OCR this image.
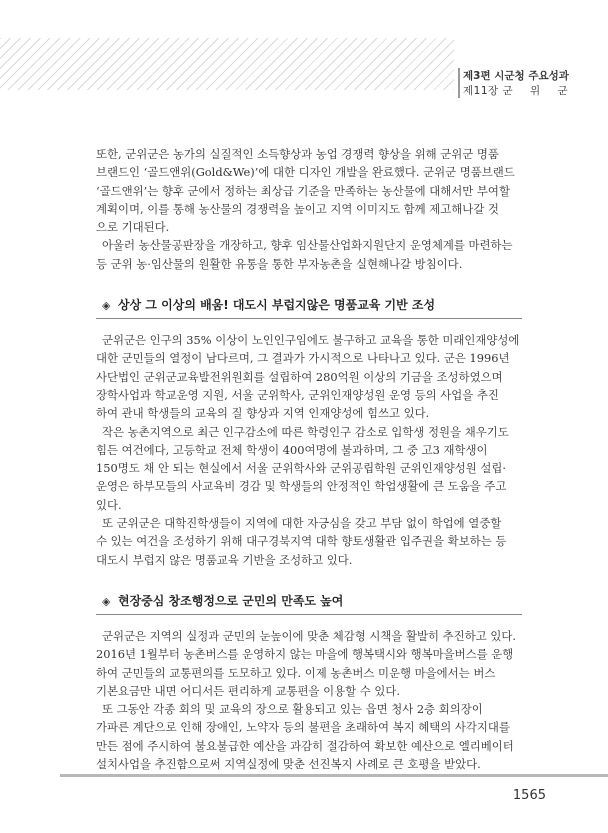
제3편 시군청 주요성과
제11장 군 위 군
또한, 군위군은 농가의 실질적인 소득향상과 농업 경쟁력 향상을 위해 군위군 명품
브랜드인 ‘골드앤위(Gold&We)’에 대한 디자인 개발을 완료했다. 군위군 명품브랜드
‘골드앤위’는 향후 군에서 정하는 최상급 기준을 만족하는 농산물에 대해서만 부여할
계획이며, 이를 통해 농산물의 경쟁력을 높이고 지역 이미지도 함께 제고해나갈 것
으로 기대된다.
아울러 농산물공판장을 개장하고, 향후 임산물산업화지원단지 운영체계를 마련하는
등 군위 농·임산물의 원활한 유통을 통한 부자농촌을 실현해나갈 방침이다.
◈ 상상 그 이상의 배움! 대도시 부럽지않은 명품교육 기반 조성
군위군은 인구의 35% 이상이 노인인구임에도 불구하고 교육을 통한 미래인재양성에
대한 군민들의 열정이 남다르며, 그 결과가 가시적으로 나타나고 있다. 군은 1996년
사단법인 군위군교육발전위원회를 설립하여 280억원 이상의 기금을 조성하였으며
장학사업과 학교운영 지원, 서울 군위학사, 군위인재양성원 운영 등의 사업을 추진
하여 관내 학생들의 교육의 질 향상과 지역 인재양성에 힘쓰고 있다.
작은 농촌지역으로 최근 인구감소에 따른 학령인구 감소로 입학생 정원을 채우기도
힘든 여건에다, 고등학교 전체 학생이 400여명에 불과하며, 그 중 고3 재학생이
150명도 채 안 되는 현실에서 서울 군위학사와 군위공립학원 군위인재양성원 설립·
운영은 하부모들의 사교육비 경감 및 학생들의 안정적인 학업생활에 큰 도움을 주고
있다.
또 군위군은 대학진학생들이 지역에 대한 자긍심을 갖고 부담 없이 학업에 열중할
수 있는 여건을 조성하기 위해 대구경북지역 대학 향토생활관 입주권을 확보하는 등
대도시 부럽지 않은 명품교육 기반을 조성하고 있다.
◈ 현장중심 창조행정으로 군민의 만족도 높여
군위군은 지역의 실정과 군민의 눈높이에 맞춘 체감형 시책을 활발히 추진하고 있다.
2016년 1월부터 농촌버스를 운영하지 않는 마을에 행복택시와 행복마을버스를 운행
하여 군민들의 교통편의를 도모하고 있다. 이제 농촌버스 미운행 마을에서는 버스
기본요금만 내면 어디서든 편리하게 교통편을 이용할 수 있다.
또 그동안 각종 회의 및 교육의 장으로 활용되고 있는 읍면 청사 2층 회의장이
가파른 계단으로 인해 장애인, 노약자 등의 불편을 초래하여 복지 혜택의 사각지대를
만든 점에 주시하여 불요불급한 예산을 과감히 절감하여 확보한 예산으로 엘리베이터
설치사업을 추진함으로써 지역실정에 맞춘 선진복지 사례로 큰 호평을 받았다.
1565
